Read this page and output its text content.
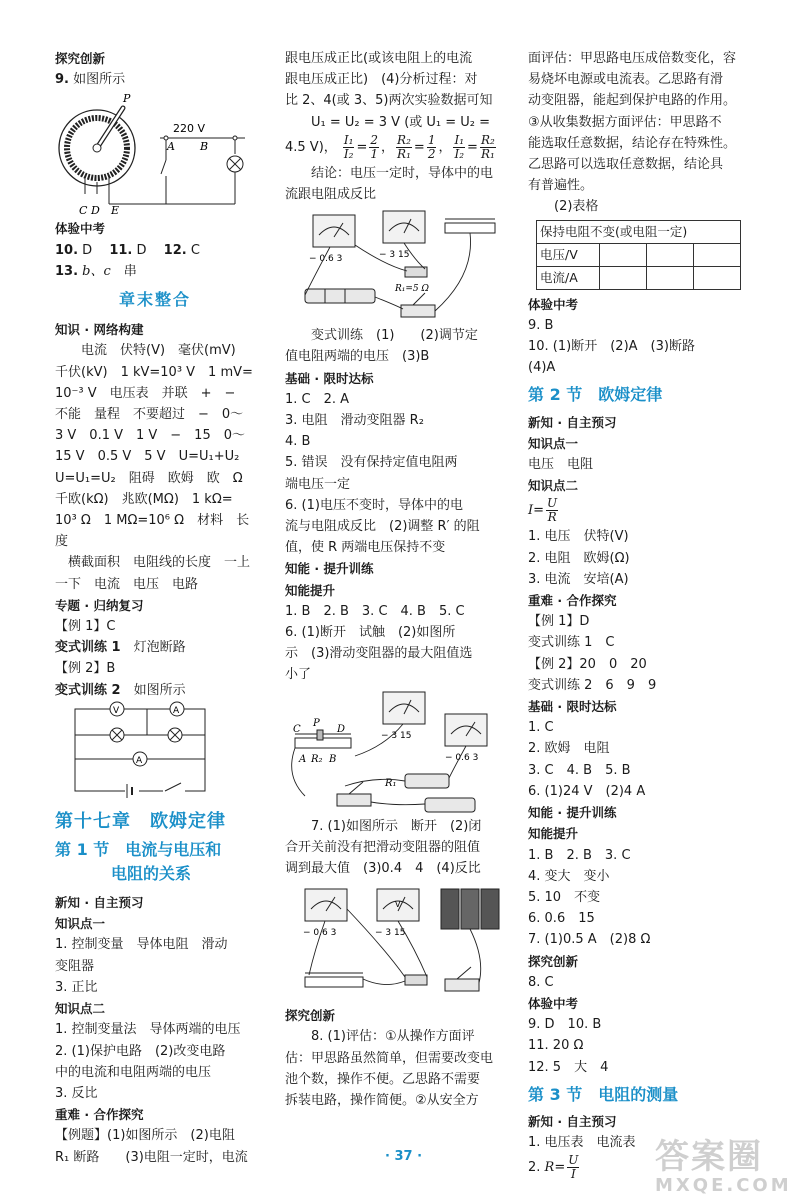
探究创新
9. 如图所示
P
220 V
A B
C D E
体验中考
10. D　 11. D　 12. C
13. b、c　 串
章末整合
知识 · 网络构建
电流　伏特(V)　毫伏(mV)
千伏(kV)　1 kV=10³ V　1 mV=
10⁻³ V　电压表　并联　+　−
不能　量程　不要超过　−　0～
3 V　0.1 V　1 V　−　15　0～
15 V　0.5 V　5 V　U=U₁+U₂
U=U₁=U₂　阻碍　欧姆　欧　Ω
千欧(kΩ)　兆欧(MΩ)　1 kΩ=
10³ Ω　1 MΩ=10⁶ Ω　材料　长度
　横截面积　电阻线的长度　一上
一下　电流　电压　电路
专题 · 归纳复习
【例 1】C
变式训练 1　 灯泡断路
【例 2】B
变式训练 2　 如图所示
V	A
A
第十七章　欧姆定律
第 1 节　电流与电压和
电阻的关系
新知 · 自主预习
知识点一
1. 控制变量　导体电阻　滑动
变阻器
3. 正比
知识点二
1. 控制变量法　导体两端的电压
2. (1)保护电路　(2)改变电路
中的电流和电阻两端的电压
3. 反比
重难 · 合作探究
【例题】(1)如图所示　(2)电阻
R₁ 断路　　(3)电阻一定时，电流
跟电压成正比(或该电阻上的电流
跟电压成正比)　(4)分析过程：对
比 2、4(或 3、5)两次实验数据可知
U₁ = U₂ = 3 V (或 U₁ = U₂ =
4.5 V)， $\frac{\text{I₁}}{\text{I₂}} = \frac{2}{1}$ ， $\frac{\text{R₂}}{\text{R₁}} = \frac{1}{2}$ ， $\frac{\text{I₁}}{\text{I₂}} = \frac{\text{R₂}}{\text{R₁}}$
结论：电压一定时，导体中的电
流跟电阻成反比
− 0.6 3	− 3 15
R₁=5 Ω
变式训练　(1)　　(2)调节定
值电阻两端的电压　(3)B
基础 · 限时达标
1. C　2. A
3. 电阻　滑动变阻器 R₂
4. B
5. 错误　没有保持定值电阻两
端电压一定
6. (1)电压不变时，导体中的电
流与电阻成反比　(2)调整 R′ 的阻
值，使 R 两端电压保持不变
知能 · 提升训练
知能提升
1. B　2. B　3. C　4. B　5. C
6. (1)断开　试触　(2)如图所
示　(3)滑动变阻器的最大阻值选
小了
− 3 15
− 0.6 3
C
P
D
A R₂ B
R₁
7. (1)如图所示　断开　(2)闭
合开关前没有把滑动变阻器的阻值
调到最大值　(3)0.4　4　(4)反比
− 0.6 3
V
− 3 15
探究创新
8. (1)评估：①从操作方面评
估：甲思路虽然简单，但需要改变电
池个数，操作不便。乙思路不需要
拆装电路，操作简便。②从安全方
面评估：甲思路电压成倍数变化，容
易烧坏电源或电流表。乙思路有滑
动变阻器，能起到保护电路的作用。
③从收集数据方面评估：甲思路不
能选取任意数据，结论存在特殊性。
乙思路可以选取任意数据，结论具
有普遍性。
(2)表格
保持电阻不变(或电阻一定)			
电压/V			
电流/A			
体验中考
9. B
10. (1)断开　(2)A　(3)断路
(4)A
第 2 节　欧姆定律
新知 · 自主预习
知识点一
电压　电阻
知识点二
$I= \frac{U}{R}$
1. 电压　伏特(V)
2. 电阻　欧姆(Ω)
3. 电流　安培(A)
重难 · 合作探究
【例 1】D
变式训练 1　C
【例 2】20　0　20
变式训练 2　6　9　9
基础 · 限时达标
1. C
2. 欧姆　电阻
3. C　4. B　5. B
6. (1)24 V　(2)4 A
知能 · 提升训练
知能提升
1. B　2. B　3. C
4. 变大　变小
5. 10　不变
6. 0.6　15
7. (1)0.5 A　(2)8 Ω
探究创新
8. C
体验中考
9. D　10. B
11. 20 Ω
12. 5　大　4
第 3 节　电阻的测量
新知 · 自主预习
1. 电压表　电流表
2. $R= \frac{U}{I}$
· 37 ·	答案圈
MXQE.COM
